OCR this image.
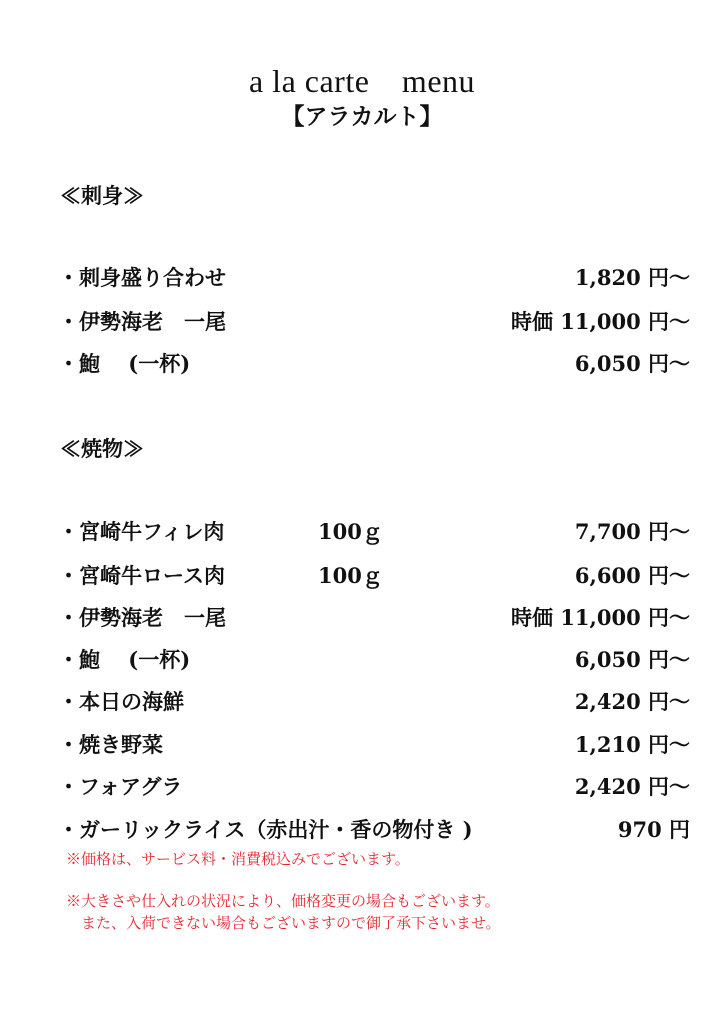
a la carte　menu
【アラカルト】
≪刺身≫
・刺身盛り合わせ	1,820 円～
・伊勢海老　一尾	時価 11,000 円～
・鮑　 (一杯)	6,050 円～
≪焼物≫
・宮崎牛フィレ肉	100ｇ	7,700 円～
・宮崎牛ロース肉	100ｇ	6,600 円～
・伊勢海老　一尾	時価 11,000 円～
・鮑　 (一杯)	6,050 円～
・本日の海鮮	2,420 円～
・焼き野菜	1,210 円～
・フォアグラ	2,420 円～
・ガーリックライス（赤出汁・香の物付き )	970 円
※価格は、サービス料・消費税込みでございます。
※大きさや仕入れの状況により、価格変更の場合もございます。
　また、入荷できない場合もございますので御了承下さいませ。
